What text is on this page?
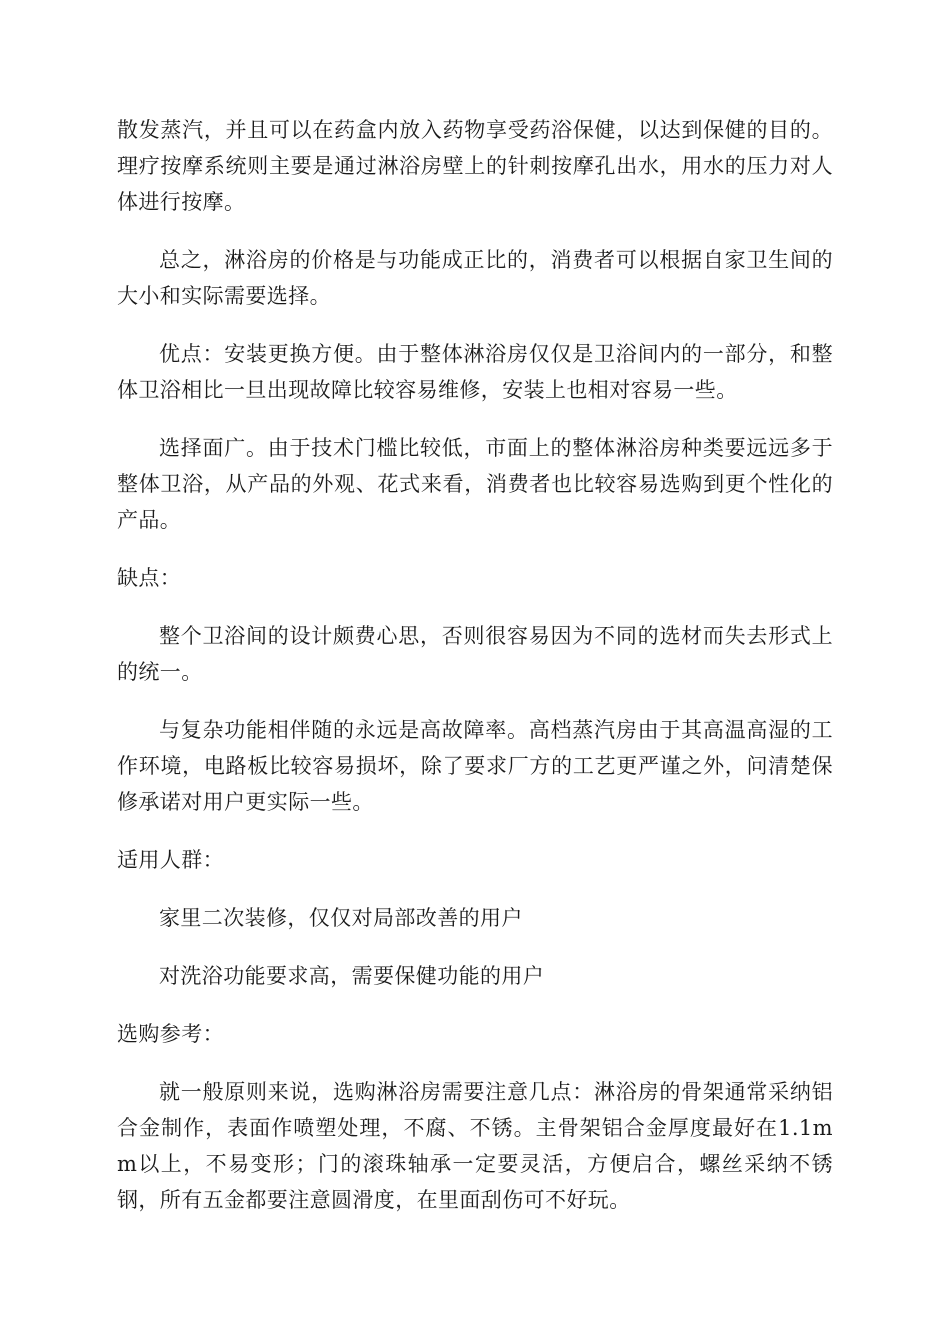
散发蒸汽，并且可以在药盒内放入药物享受药浴保健，以达到保健的目的。理疗按摩系统则主要是通过淋浴房壁上的针刺按摩孔出水，用水的压力对人体进行按摩。

总之，淋浴房的价格是与功能成正比的，消费者可以根据自家卫生间的大小和实际需要选择。

优点：安装更换方便。由于整体淋浴房仅仅是卫浴间内的一部分，和整体卫浴相比一旦出现故障比较容易维修，安装上也相对容易一些。

选择面广。由于技术门槛比较低，市面上的整体淋浴房种类要远远多于整体卫浴，从产品的外观、花式来看，消费者也比较容易选购到更个性化的产品。

缺点：

整个卫浴间的设计颇费心思，否则很容易因为不同的选材而失去形式上的统一。

与复杂功能相伴随的永远是高故障率。高档蒸汽房由于其高温高湿的工作环境，电路板比较容易损坏，除了要求厂方的工艺更严谨之外，问清楚保修承诺对用户更实际一些。

适用人群：

家里二次装修，仅仅对局部改善的用户

对洗浴功能要求高，需要保健功能的用户

选购参考：

就一般原则来说，选购淋浴房需要注意几点：淋浴房的骨架通常采纳铝合金制作，表面作喷塑处理，不腐、不锈。主骨架铝合金厚度最好在1.1mm以上，不易变形；门的滚珠轴承一定要灵活，方便启合，螺丝采纳不锈钢，所有五金都要注意圆滑度，在里面刮伤可不好玩。
